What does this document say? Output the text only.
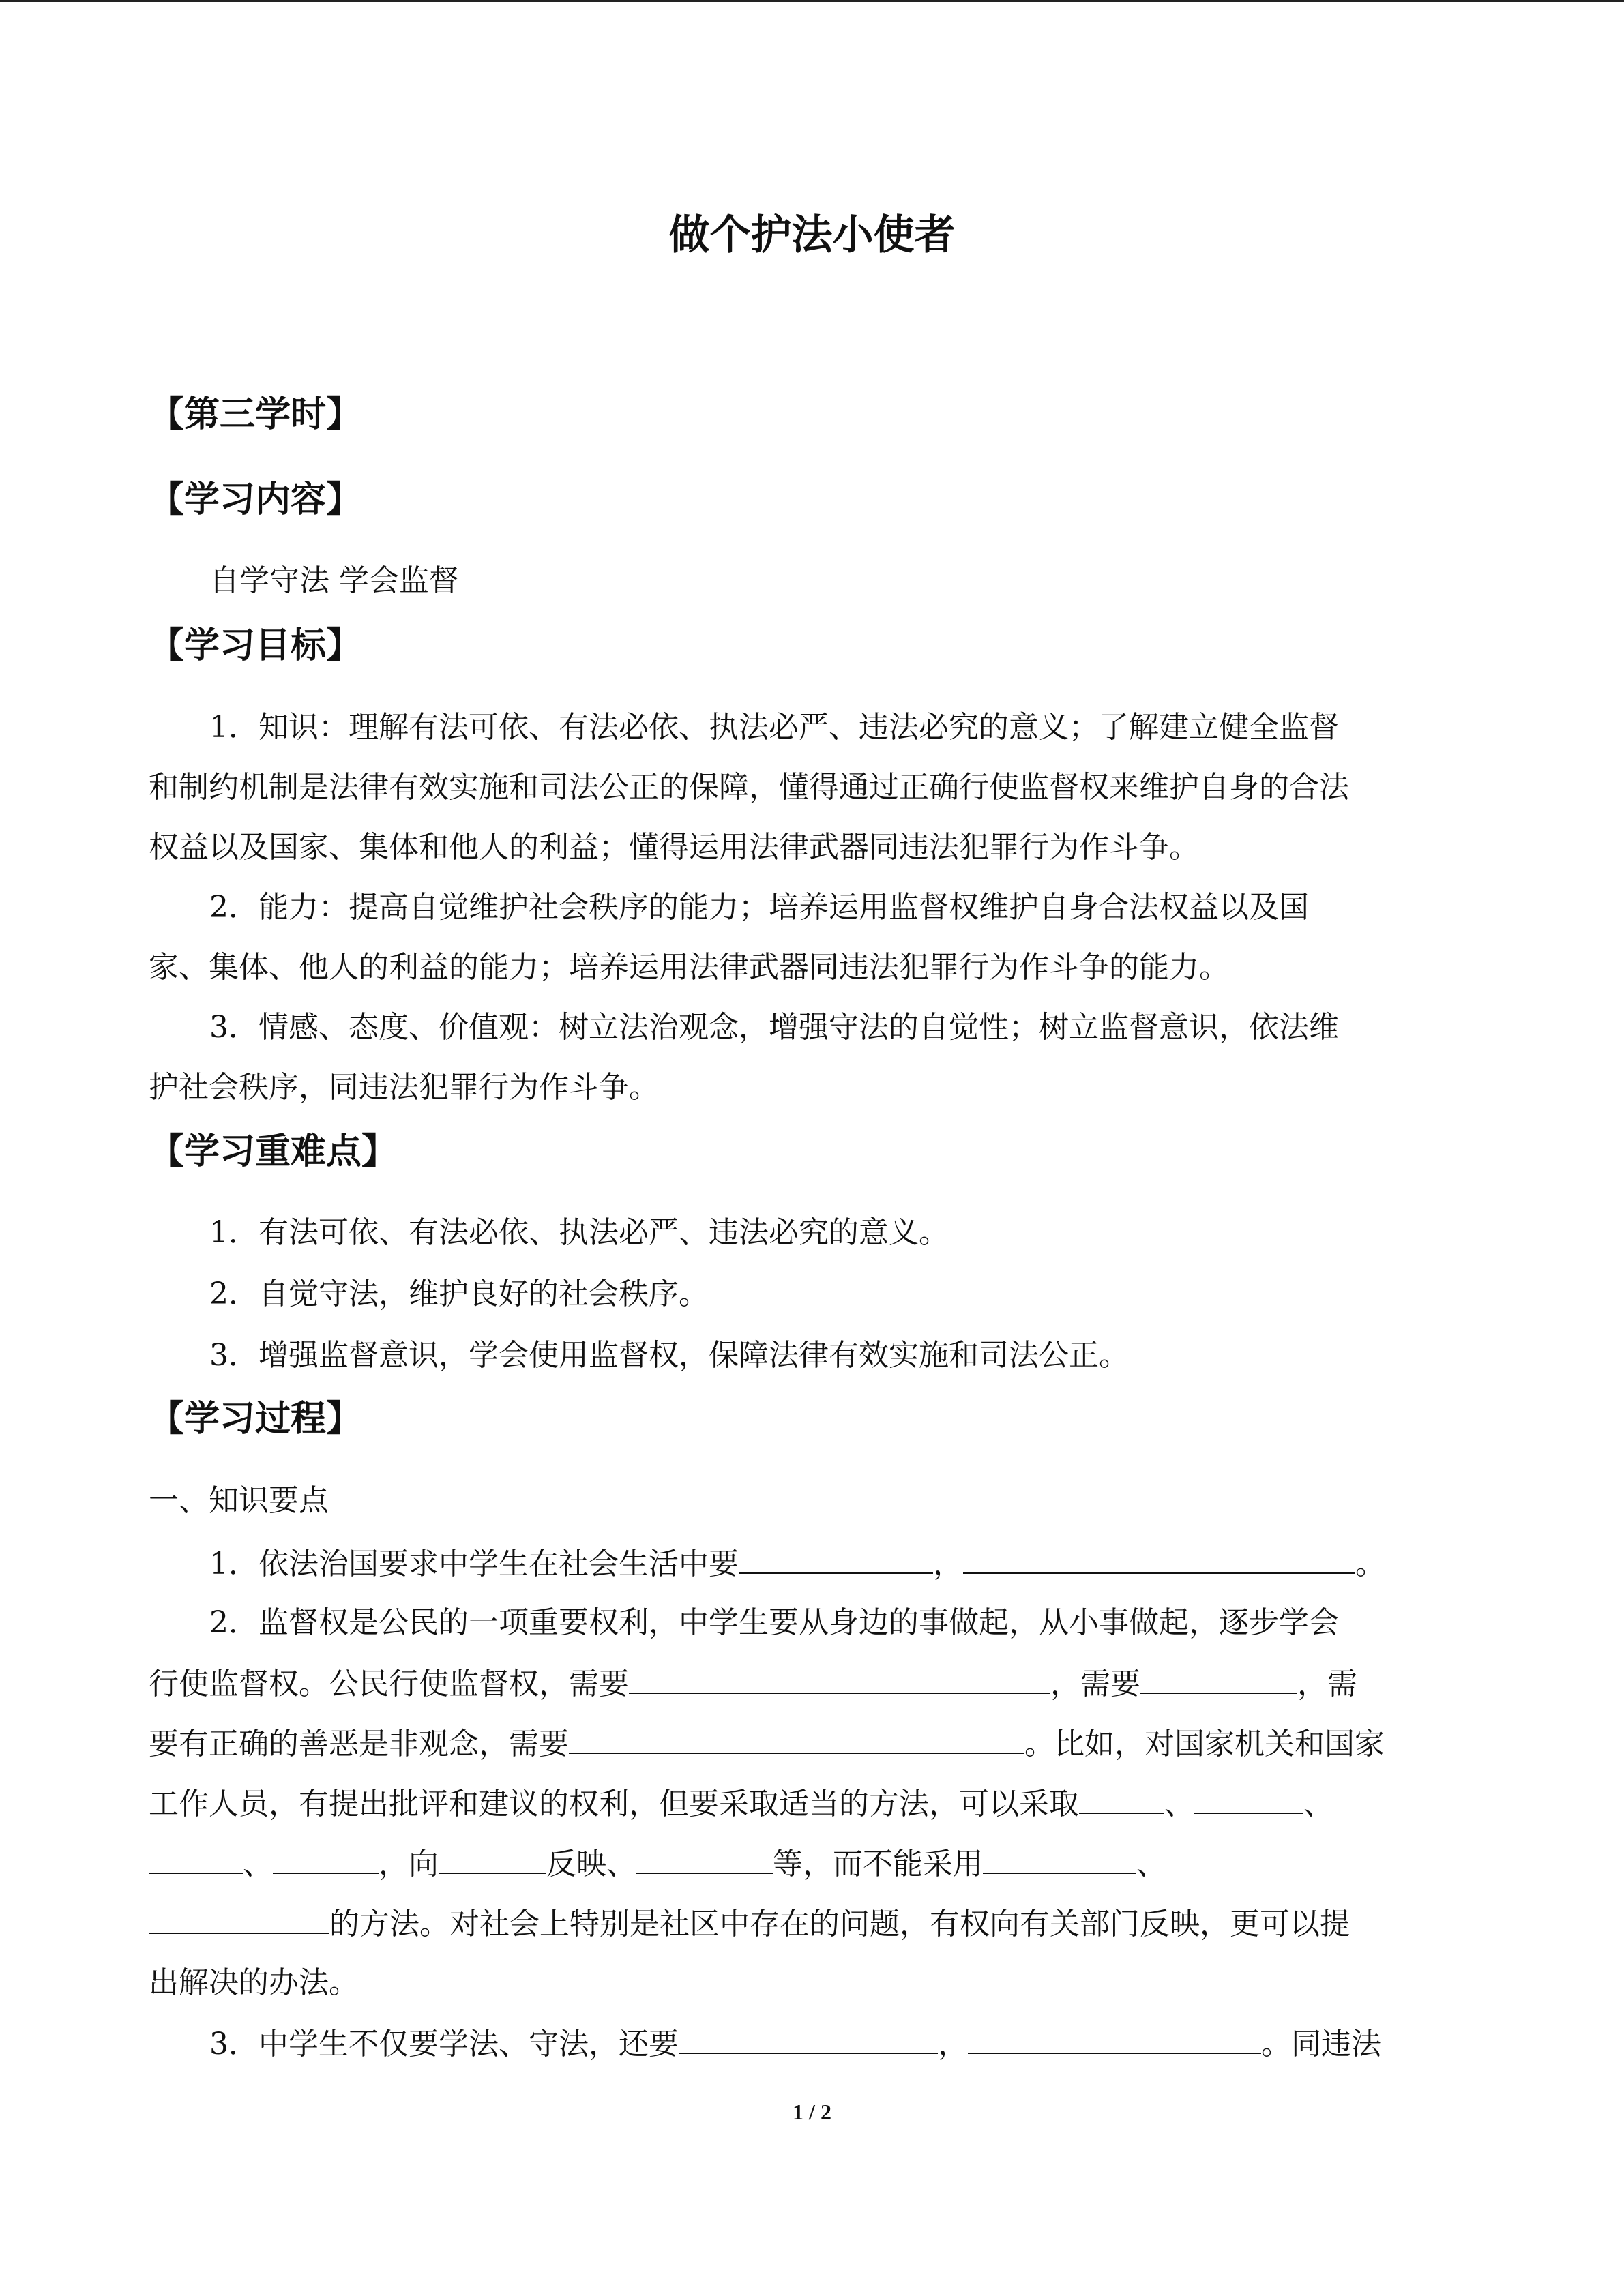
做个护法小使者
【第三学时】
【学习内容】
自学守法 学会监督
【学习目标】
1．知识：理解有法可依、有法必依、执法必严、违法必究的意义；了解建立健全监督
和制约机制是法律有效实施和司法公正的保障，懂得通过正确行使监督权来维护自身的合法
权益以及国家、集体和他人的利益；懂得运用法律武器同违法犯罪行为作斗争。
2．能力：提高自觉维护社会秩序的能力；培养运用监督权维护自身合法权益以及国
家、集体、他人的利益的能力；培养运用法律武器同违法犯罪行为作斗争的能力。
3．情感、态度、价值观：树立法治观念，增强守法的自觉性；树立监督意识，依法维
护社会秩序，同违法犯罪行为作斗争。
【学习重难点】
1．有法可依、有法必依、执法必严、违法必究的意义。
2．自觉守法，维护良好的社会秩序。
3．增强监督意识，学会使用监督权，保障法律有效实施和司法公正。
【学习过程】
一、知识要点
1．依法治国要求中学生在社会生活中要	，	。
2．监督权是公民的一项重要权利，中学生要从身边的事做起，从小事做起，逐步学会
行使监督权。公民行使监督权，需要	，需要	，需
要有正确的善恶是非观念，需要	。比如，对国家机关和国家
工作人员，有提出批评和建议的权利，但要采取适当的方法，可以采取	、	、
、	，向	反映、	等，而不能采用	、
的方法。对社会上特别是社区中存在的问题，有权向有关部门反映，更可以提
出解决的办法。
3．中学生不仅要学法、守法，还要	，	。同违法
1 / 2
